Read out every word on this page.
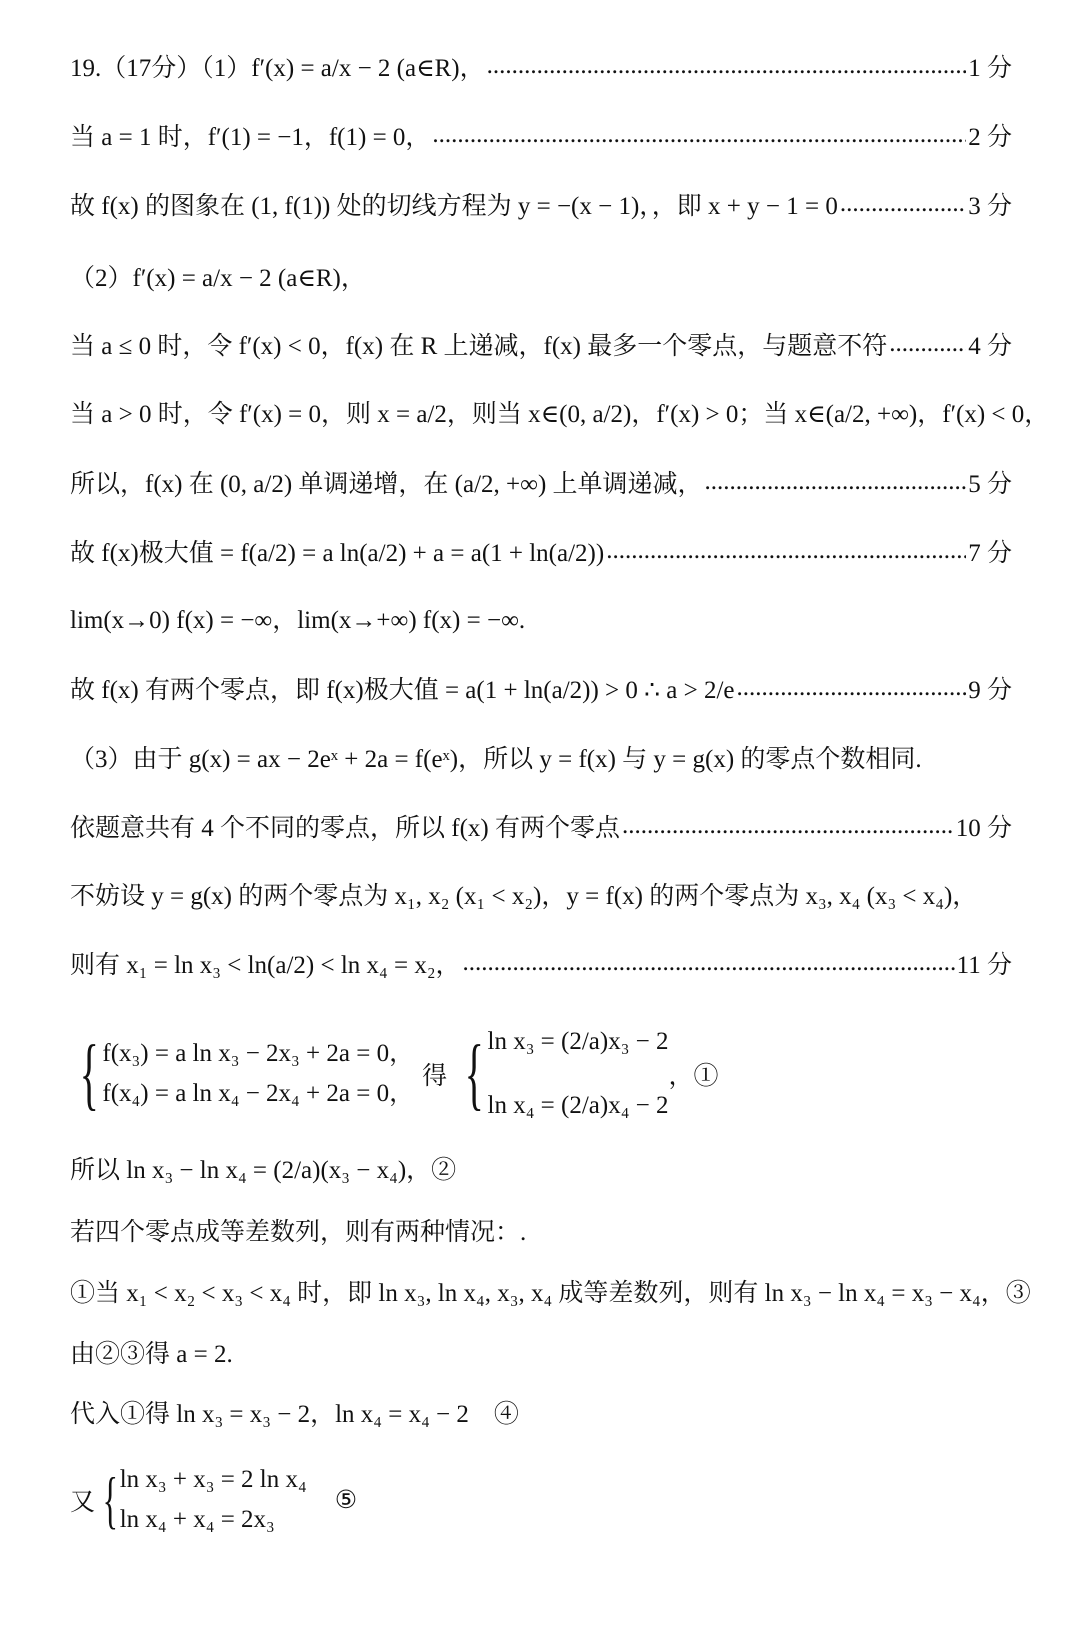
19.（17分）（1）f′(x) = a/x − 2 (a∈R)， .....	1 分
当 a = 1 时，f′(1) = −1，f(1) = 0， .....	2 分
故 f(x) 的图象在 (1, f(1)) 处的切线方程为 y = −(x − 1)，，即 x + y − 1 = 0 .....	3 分
（2）f′(x) = a/x − 2 (a∈R)，
当 a ≤ 0 时，令 f′(x) < 0，f(x) 在 R 上递减，f(x) 最多一个零点，与题意不符 .....	4 分
当 a > 0 时，令 f′(x) = 0，则 x = a/2，则当 x∈(0, a/2)，f′(x) > 0；当 x∈(a/2, +∞)，f′(x) < 0，
所以，f(x) 在 (0, a/2) 单调递增，在 (a/2, +∞) 上单调递减， .....	5 分
故 f(x)极大值 = f(a/2) = a ln(a/2) + a = a(1 + ln(a/2)) .....	7 分
lim(x→0) f(x) = −∞，lim(x→+∞) f(x) = −∞.
故 f(x) 有两个零点，即 f(x)极大值 = a(1 + ln(a/2)) > 0 ∴ a > 2/e .....	9 分
（3）由于 g(x) = ax − 2eˣ + 2a = f(eˣ)，所以 y = f(x) 与 y = g(x) 的零点个数相同.
依题意共有 4 个不同的零点，所以 f(x) 有两个零点 .....	10 分
不妨设 y = g(x) 的两个零点为 x₁, x₂ (x₁ < x₂)，y = f(x) 的两个零点为 x₃, x₄ (x₃ < x₄)，
则有 x₁ = ln x₃ < ln(a/2) < ln x₄ = x₂， .....	11 分
{ f(x₃) = a ln x₃ − 2x₃ + 2a = 0，
f(x₄) = a ln x₄ − 2x₄ + 2a = 0，
得 { ln x₃ = (2/a)x₃ − 2
ln x₄ = (2/a)x₄ − 2
，①
所以 ln x₃ − ln x₄ = (2/a)(x₃ − x₄)，②
若四个零点成等差数列，则有两种情况：.
①当 x₁ < x₂ < x₃ < x₄ 时，即 ln x₃, ln x₄, x₃, x₄ 成等差数列，则有 ln x₃ − ln x₄ = x₃ − x₄，③
由②③得 a = 2.
代入①得 ln x₃ = x₃ − 2，ln x₄ = x₄ − 2　④
又 { ln x₃ + x₃ = 2 ln x₄
ln x₄ + x₄ = 2x₃
⑤
